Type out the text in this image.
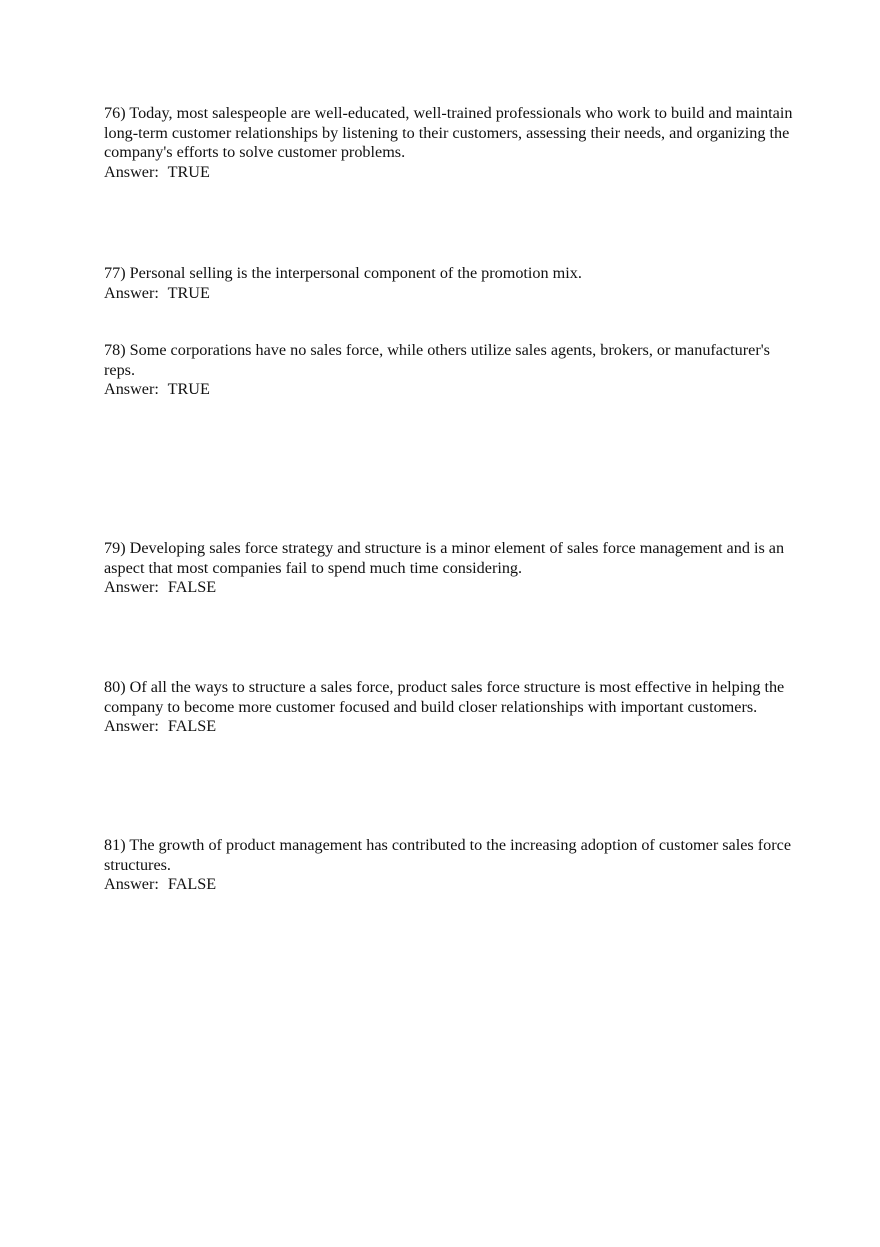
76) Today, most salespeople are well-educated, well-trained professionals who work to build and maintain long-term customer relationships by listening to their customers, assessing their needs, and organizing the company's efforts to solve customer problems.

Answer: TRUE

77) Personal selling is the interpersonal component of the promotion mix.

Answer: TRUE

78) Some corporations have no sales force, while others utilize sales agents, brokers, or manufacturer's reps.

Answer: TRUE

79) Developing sales force strategy and structure is a minor element of sales force management and is an aspect that most companies fail to spend much time considering.

Answer: FALSE

80) Of all the ways to structure a sales force, product sales force structure is most effective in helping the company to become more customer focused and build closer relationships with important customers.

Answer: FALSE

81) The growth of product management has contributed to the increasing adoption of customer sales force structures.

Answer: FALSE
